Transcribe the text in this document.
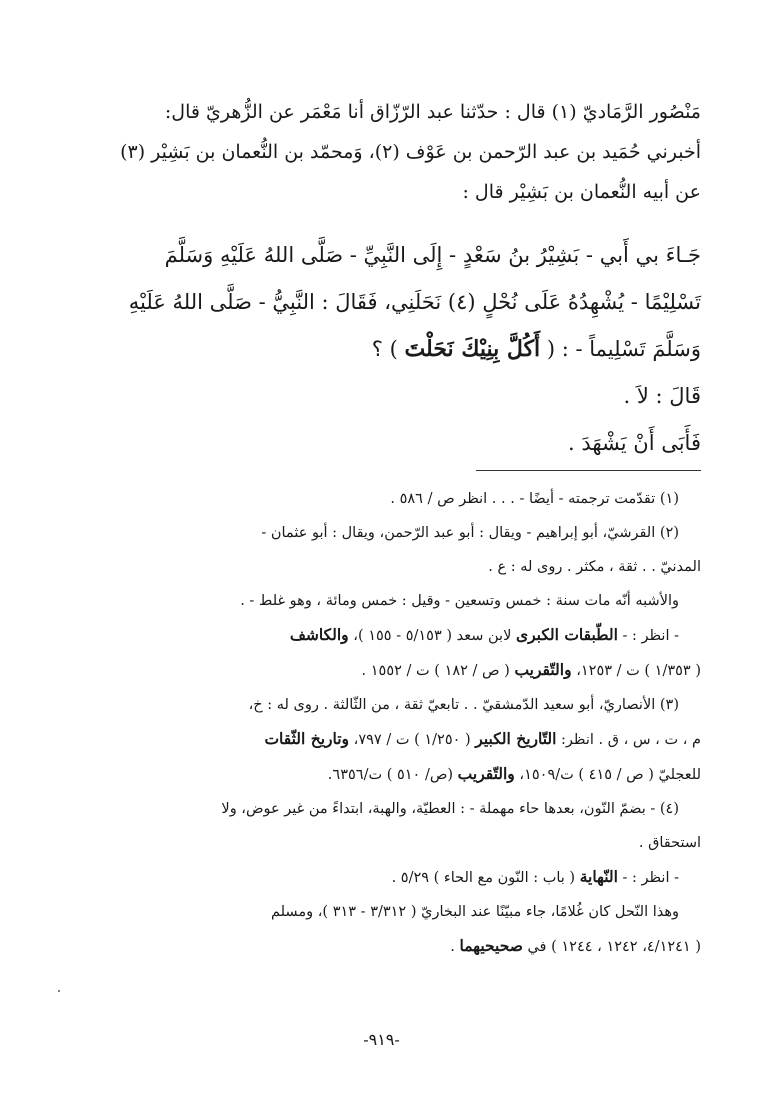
مَنْصُور الرَّمَاديّ (١) قال : حدّثنا عبد الرّزّاق أنا مَعْمَر عن الزُّهريّ قال:

أخبرني حُمَيد بن عبد الرّحمن بن عَوْف (٢)، وَمحمّد بن النُّعمان بن بَشِيْر (٣)

عن أبيه النُّعمان بن بَشِيْر قال :

جَـاءَ بي أَبي - بَشِيْرُ بنُ سَعْدٍ - إِلَى النَّبِيِّ - صَلَّى اللهُ عَلَيْهِ وَسَلَّمَ

تَسْلِيْمًا - يُشْهِدُهُ عَلَى نُحْلٍ (٤) نَحَلَنِي، فَقَالَ : النَّبِيُّ - صَلَّى اللهُ عَلَيْهِ

وَسَلَّمَ تَسْلِيماً - : ( أَكُلَّ بِنِيْكَ نَحَلْتَ ) ؟

قَالَ : لاَ .

فَأَبَى أَنْ يَشْهَدَ .

(١) تقدّمت ترجمته - أيضًا - . . . انظر ص / ٥٨٦ .

(٢) القرشيّ، أبو إبراهيم - ويقال : أبو عبد الرّحمن، ويقال : أبو عثمان -

المدنيّ . . ثقة ، مكثر . روى له : ع .

والأشبه أنّه مات سنة : خمس وتسعين - وقيل : خمس ومائة ، وهو غلط - .

- انظر : - الطّبقات الكبرى لابن سعد ( ٥/١٥٣ - ١٥٥ )، والكاشف

( ١/٣٥٣ ) ت / ١٢٥٣، والتّقريب ( ص / ١٨٢ ) ت / ١٥٥٢ .

(٣) الأنصاريّ، أبو سعيد الدّمشقيّ . . تابعيّ ثقة ، من الثّالثة . روى له : خ،

م ، ت ، س ، ق . انظر: التّاريخ الكبير ( ١/٢٥٠ ) ت / ٧٩٧، وتاريخ الثّقات

للعجليّ ( ص / ٤١٥ ) ت/١٥٠٩، والتّقريب (ص/ ٥١٠ ) ت/٦٣٥٦.

(٤) - بضمّ النّون، بعدها حاء مهملة - : العطيّة، والهبة، ابتداءً من غير عوض، ولا

استحقاق .

- انظر : - النّهاية ( باب : النّون مع الحاء ) ٥/٢٩ .

وهذا النّحل كان غُلامًا، جاء مبيّنًا عند البخاريّ ( ٣/٣١٢ - ٣١٣ )، ومسلم

( ٤/١٢٤١، ١٢٤٢ ، ١٢٤٤ ) في صحيحيهما .

-٩١٩-
